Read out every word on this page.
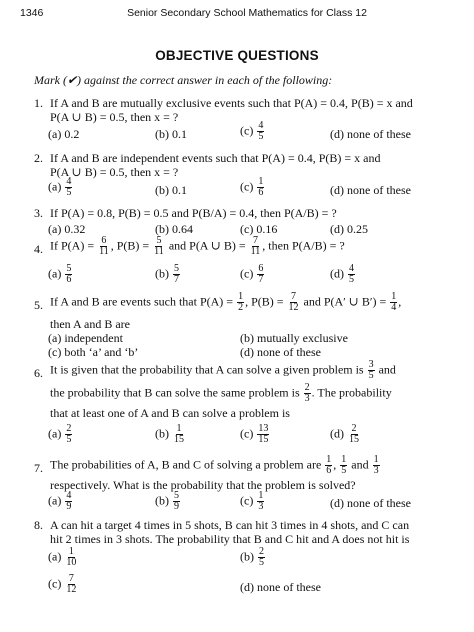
1346	Senior Secondary School Mathematics for Class 12
OBJECTIVE QUESTIONS
Mark (✔) against the correct answer in each of the following:
1. If A and B are mutually exclusive events such that P(A) = 0.4, P(B) = x and
P(A ∪ B) = 0.5, then x = ?
(a) 0.2	(b) 0.1	$(c) \frac{4}{5}$	(d) none of these
2. If A and B are independent events such that P(A) = 0.4, P(B) = x and
P(A ∪ B) = 0.5, then x = ?
$(a) \frac{4}{5}$	(b) 0.1	$(c) \frac{1}{6}$	(d) none of these
3. If P(A) = 0.8, P(B) = 0.5 and P(B/A) = 0.4, then P(A/B) = ?
(a) 0.32	(b) 0.64	(c) 0.16	(d) 0.25
4. If $P(A) = \frac{6}{11}$ , $P(B) = \frac{5}{11}$ and P(A ∪ $B) = \frac{7}{11}$ , then P(A/B) = ?
$(a) \frac{5}{6}$	$(b) \frac{5}{7}$	$(c) \frac{6}{7}$	$(d) \frac{4}{5}$
5. If A and B are events such that $P(A) = \frac{1}{2}$ , $P(B) = \frac{7}{12}$ and P(A′ ∪ $B') = \frac{1}{4}$ ,
then A and B are
(a) independent	(b) mutually exclusive
(c) both ‘a’ and ‘b’	(d) none of these
6. It is given that the probability that A can solve a given problem is $\frac{3}{5}$ and
the probability that B can solve the same problem is $\frac{2}{3}$ . The probability
that at least one of A and B can solve a problem is
$(a) \frac{2}{5}$	$(b) \frac{1}{15}$	$(c) \frac{13}{15}$	$(d) \frac{2}{15}$
7. The probabilities of A, B and C of solving a problem are $\frac{1}{6}$ , $\frac{1}{5}$ and $\frac{1}{3}$
respectively. What is the probability that the problem is solved?
$(a) \frac{4}{9}$	$(b) \frac{5}{9}$	$(c) \frac{1}{3}$	(d) none of these
8. A can hit a target 4 times in 5 shots, B can hit 3 times in 4 shots, and C can
hit 2 times in 3 shots. The probability that B and C hit and A does not hit is
$(a) \frac{1}{10}$	$(b) \frac{2}{5}$
$(c) \frac{7}{12}$	(d) none of these
